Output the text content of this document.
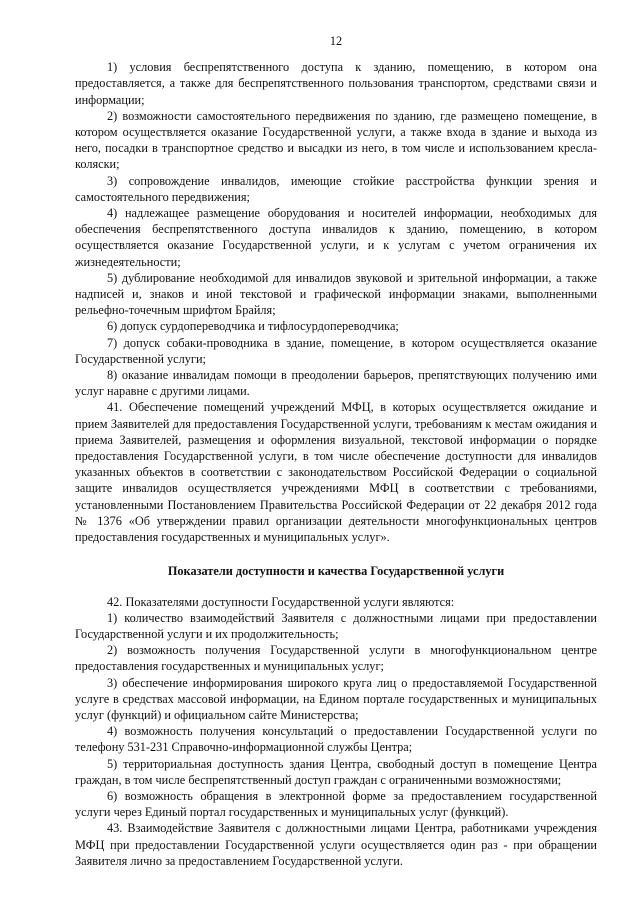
12

1) условия беспрепятственного доступа к зданию, помещению, в котором она предоставляется, а также для беспрепятственного пользования транспортом, средствами связи и информации;

2) возможности самостоятельного передвижения по зданию, где размещено помещение, в котором осуществляется оказание Государственной услуги, а также входа в здание и выхода из него, посадки в транспортное средство и высадки из него, в том числе и использованием кресла-коляски;

3) сопровождение инвалидов, имеющие стойкие расстройства функции зрения и самостоятельного передвижения;

4) надлежащее размещение оборудования и носителей информации, необходимых для обеспечения беспрепятственного доступа инвалидов к зданию, помещению, в котором осуществляется оказание Государственной услуги, и к услугам с учетом ограничения их жизнедеятельности;

5) дублирование необходимой для инвалидов звуковой и зрительной информации, а также надписей и, знаков и иной текстовой и графической информации знаками, выполненными рельефно-точечным шрифтом Брайля;

6) допуск сурдопереводчика и тифлосурдопереводчика;

7) допуск собаки-проводника в здание, помещение, в котором осуществляется оказание Государственной услуги;

8) оказание инвалидам помощи в преодолении барьеров, препятствующих получению ими услуг наравне с другими лицами.

41. Обеспечение помещений учреждений МФЦ, в которых осуществляется ожидание и прием Заявителей для предоставления Государственной услуги, требованиям к местам ожидания и приема Заявителей, размещения и оформления визуальной, текстовой информации о порядке предоставления Государственной услуги, в том числе обеспечение доступности для инвалидов указанных объектов в соответствии с законодательством Российской Федерации о социальной защите инвалидов осуществляется учреждениями МФЦ в соответствии с требованиями, установленными Постановлением Правительства Российской Федерации от 22 декабря 2012 года № 1376 «Об утверждении правил организации деятельности многофункциональных центров предоставления государственных и муниципальных услуг».

Показатели доступности и качества Государственной услуги

42. Показателями доступности Государственной услуги являются:

1) количество взаимодействий Заявителя с должностными лицами при предоставлении Государственной услуги и их продолжительность;

2) возможность получения Государственной услуги в многофункциональном центре предоставления государственных и муниципальных услуг;

3) обеспечение информирования широкого круга лиц о предоставляемой Государственной услуге в средствах массовой информации, на Едином портале государственных и муниципальных услуг (функций) и официальном сайте Министерства;

4) возможность получения консультаций о предоставлении Государственной услуги по телефону 531-231 Справочно-информационной службы Центра;

5) территориальная доступность здания Центра, свободный доступ в помещение Центра граждан, в том числе беспрепятственный доступ граждан с ограниченными возможностями;

6) возможность обращения в электронной форме за предоставлением государственной услуги через Единый портал государственных и муниципальных услуг (функций).

43. Взаимодействие Заявителя с должностными лицами Центра, работниками учреждения МФЦ при предоставлении Государственной услуги осуществляется один раз - при обращении Заявителя лично за предоставлением Государственной услуги.
